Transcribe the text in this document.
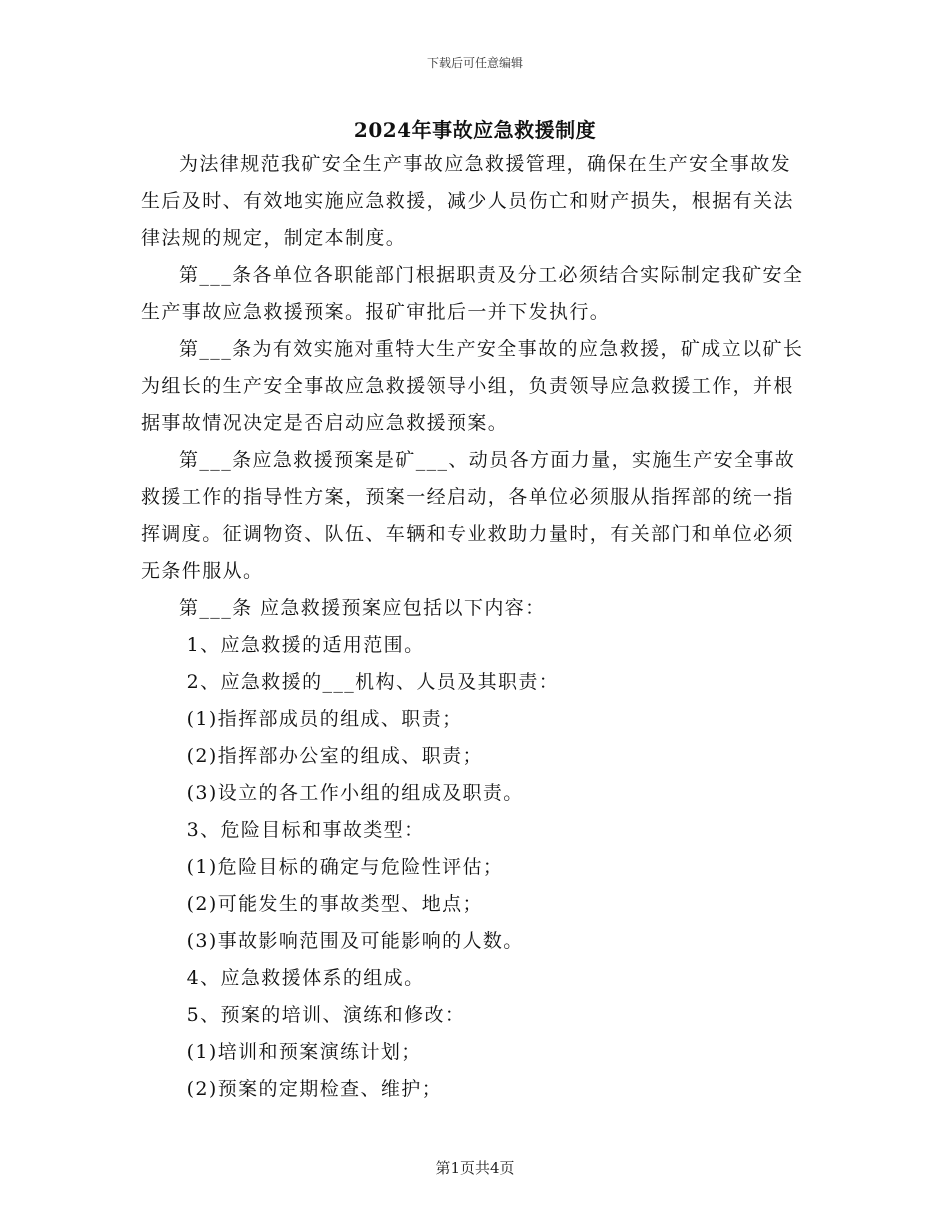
下载后可任意编辑
2024年事故应急救援制度

为法律规范我矿安全生产事故应急救援管理，确保在生产安全事故发生后及时、有效地实施应急救援，减少人员伤亡和财产损失，根据有关法律法规的规定，制定本制度。

第___条各单位各职能部门根据职责及分工必须结合实际制定我矿安全生产事故应急救援预案。报矿审批后一并下发执行。

第___条为有效实施对重特大生产安全事故的应急救援，矿成立以矿长为组长的生产安全事故应急救援领导小组，负责领导应急救援工作，并根据事故情况决定是否启动应急救援预案。

第___条应急救援预案是矿___、动员各方面力量，实施生产安全事故救援工作的指导性方案，预案一经启动，各单位必须服从指挥部的统一指挥调度。征调物资、队伍、车辆和专业救助力量时，有关部门和单位必须无条件服从。

第___条 应急救援预案应包括以下内容：

1、应急救援的适用范围。

2、应急救援的___机构、人员及其职责：

(1)指挥部成员的组成、职责；

(2)指挥部办公室的组成、职责；

(3)设立的各工作小组的组成及职责。

3、危险目标和事故类型：

(1)危险目标的确定与危险性评估；

(2)可能发生的事故类型、地点；

(3)事故影响范围及可能影响的人数。

4、应急救援体系的组成。

5、预案的培训、演练和修改：

(1)培训和预案演练计划；

(2)预案的定期检查、维护；

第1页共4页
